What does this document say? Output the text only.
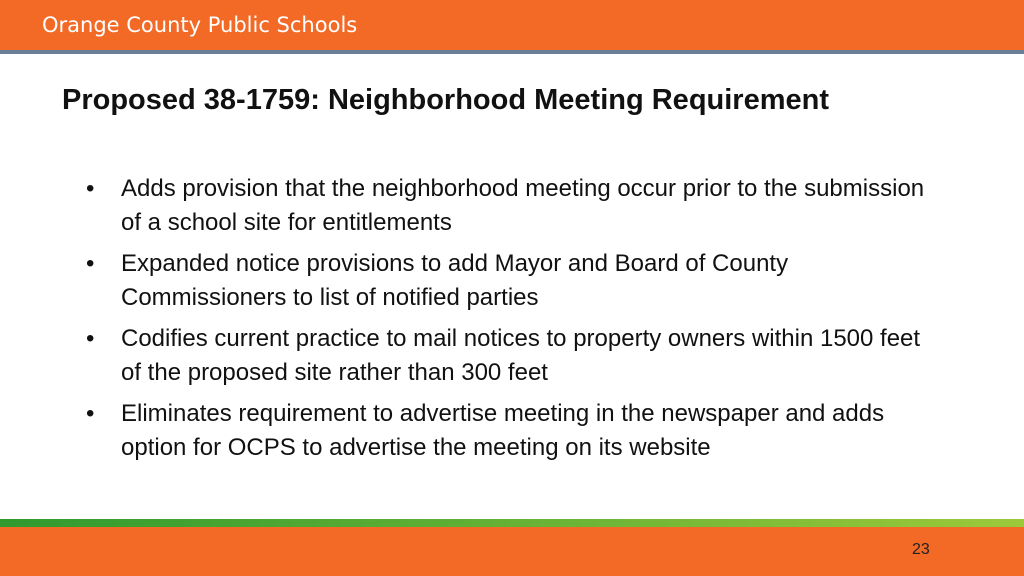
Orange County Public Schools
Proposed 38-1759: Neighborhood Meeting Requirement
• Adds provision that the neighborhood meeting occur prior to the submission of a school site for entitlements
• Expanded notice provisions to add Mayor and Board of County Commissioners to list of notified parties
• Codifies current practice to mail notices to property owners within 1500 feet of the proposed site rather than 300 feet
• Eliminates requirement to advertise meeting in the newspaper and adds option for OCPS to advertise the meeting on its website
23
